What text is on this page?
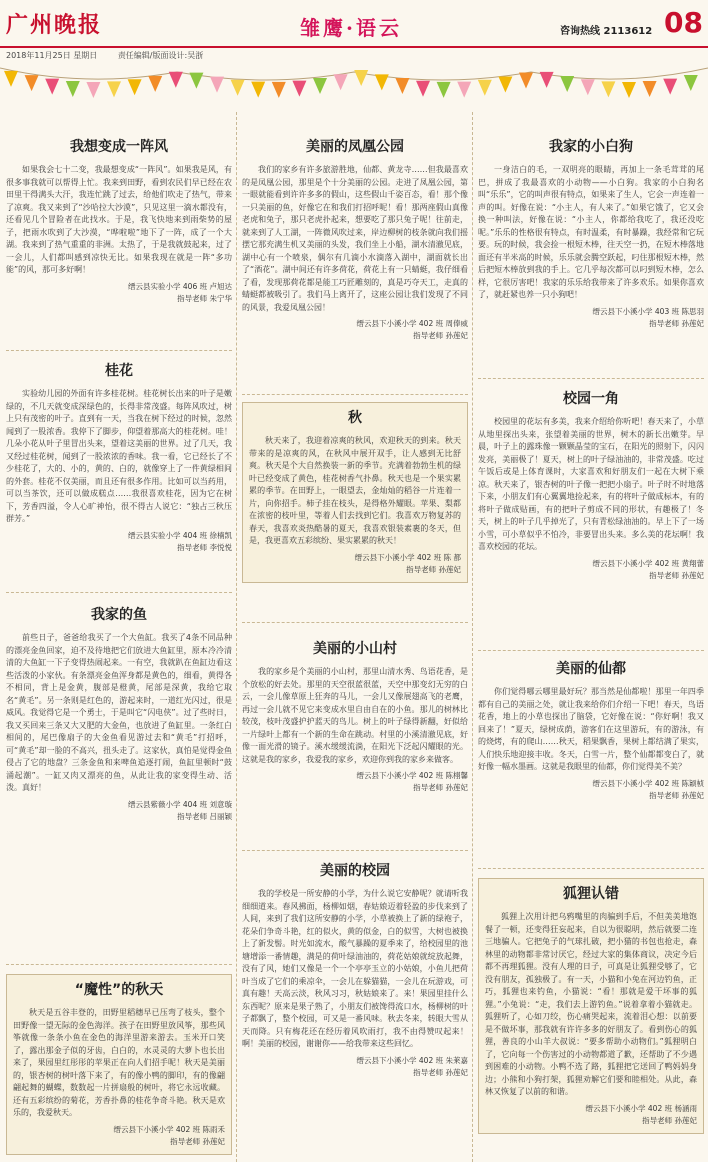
广州晚报	雏鹰·语云	咨询热线 2113612 08
2018年11月25日 星期日	责任编辑/版面设计:吴浙
我想变成一阵风

如果我会七十二变，我最想变成“一阵风”。如果我是风，有很多事我就可以帮得上忙。我来到田野，看到农民们早已经在农田里干得满头大汗，我连忙跳了过去，给他们吹走了热气，带来了凉爽。我又来到了“沙哈拉大沙漠”，只见这里一滴水都没有，还看见几个冒险者在此找水。于是，我飞快地来到雨柴势的屋子，把雨水吹到了大沙漠，“哗啦啦”地下了一阵，成了一个大湖。我来到了热气重重的非洲。太热了，于是我就鼓起来，过了一会儿，人们都叫感到凉快无比。如果我现在就是一阵“多功能”的风，那可多好啊！

缙云县实验小学 406 班 卢旭达
指导老师 朱宁华
桂花

实验幼儿园的外面有许多桂花树。桂花树长出来的叶子是嫩绿的，不几天就变成深绿色的，长得非常茂盛。每阵风吹过，树上只有茂密的叶子。直到有一天，当我在树下经过的时候，忽然闻到了一股浓香。我停下了脚步，仰望着那高大的桂花树。哇！几朵小花从叶子里冒出头来，望着这美丽的世界。过了几天，我又经过桂花树，闻到了一股浓浓的香味。我一看，它已经长了不少桂花了，大的、小的，黄的、白的，就像穿上了一件黄绿相间的外套。桂花不仅美丽，而且还有很多作用。比如可以当药用，可以当茶饮，还可以做成糕点……我很喜欢桂花，因为它在树下，芳香四溢，令人心旷神怡，很不得古人说它：“独占三秋压群芳。”

缙云县实验小学 404 班 徐楠凯
指导老师 李悦悦
我家的鱼

前些日子，爸爸给我买了一个大鱼缸。我买了4条不同品种的漂亮金鱼回家，迫不及待地把它们放进大鱼缸里，原本冷冷清清的大鱼缸一下子变得热闹起来。一有空，我就趴在鱼缸边看这些活泼的小家伙。有条漂亮金鱼浑身都是黄色的，细看，黄得各不相同，背上是金黄，腹部是橙黄，尾部是深黄，我给它取名“黄毛”。另一条则是红色的，游起来时，一道红光闪过，很是威风。我觉得它是一个勇士，于是叫它“闪电侠”。过了些时日，我又买回来三条又大又肥的大金鱼，也放进了鱼缸里。一条红白相间的，尾巴像扇子的大金鱼看见游过去和“黄毛”打招呼，可“黄毛”却一脸的不高兴，扭头走了。这家伙，真怕是觉得金鱼侵占了它的地盘？三条金鱼和来啤鱼追逐打闹，鱼缸里顿时“鼓涌起潮”。一缸又肉又漂亮的鱼，从此让我的家变得生动、活泼。真好！

缙云县紫薇小学 404 班 刘意璇
指导老师 吕丽颖
“魔性”的秋天

秋天是五谷丰登的，田野里稻穗早已压弯了枝头，整个田野像一望无际的金色海洋。孩子在田野里放风筝，那些风筝就像一条条小鱼在金色的海洋里游来游去。玉米开口笑了，露出那金子似的牙齿，白白的，水灵灵的大萝卜也长出来了，果园里红彤彤的苹果正在向人们招手呢！秋天是美丽的，银杏树的树叶落下来了，有的像小鸭的脚印，有的像翩翩起舞的蝴蝶，数数起一片拼扇般的树叶，将它永远收藏。还有五彩缤纷的菊花，芳香扑鼻的桂花争奇斗艳。秋天是欢乐的，我爱秋天。

缙云县下小溪小学 402 班 陈雨禾
指导老师 孙莲妃
美丽的凤凰公园

我们的家乡有许多旅游胜地，仙都、黄龙寺……但我最喜欢的是凤凰公园，那里是个十分美丽的公园。走进了凤凰公园，第一眼就能看到许许多多的假山，这些假山千姿百态，看！那个像一只美丽的鱼，好像它在和我们打招呼呢！看！那两座假山真像老虎和兔子，那只老虎扑起来，想要吃了那只兔子呢！往前走，就来到了人工湖，一阵微风吹过来，岸边柳树的枝条就向我们摇摆它那充满生机又美丽的头发，我们坐上小船，湖水清澈见底，湖中心有一个喷泉，偶尔有几滴小水滴落入湖中，湖面就长出了“酒花”。湖中间还有许多荷花，荷花上有一只蜻蜓，我仔细看了看，发现那荷花都是能工巧匠雕刻的，真是巧夺天工，走真的蜻蜓都被吸引了。我们马上离开了，这座公园让我们发现了不同的风景，我爱凤凰公园！

缙云县下小溪小学 402 班 周俸威
指导老师 孙莲妃
秋

秋天来了，我迎着凉爽的秋风，欢迎秋天的到来。秋天带来的是凉爽的风，在秋风中展开双手，让人感到无比舒爽。秋天是个大自然换装一新的季节。充满着勃勃生机的绿叶已经变成了黄色，桂花树香气扑鼻。秋天也是一个果实累累的季节。在田野上，一眼望去，金灿灿的稻谷一片连着一片，向你招手。柿子挂在枝头，是得格外耀眼。苹果、梨都在浓密的枝叶里，等着人们去找到它们。我喜欢万物复苏的春天，我喜欢炎热酷暑的夏天，我喜欢银装素裹的冬天，但是，我更喜欢五彩缤纷、果实累累的秋天！

缙云县下小溪小学 402 班 陈 都
指导老师 孙莲妃
美丽的小山村

我的家乡是个美丽的小山村，那里山清水秀、鸟语花香，是个放松的好去处。那里的天空很蓝很蓝，天空中那变幻无穷的白云，一会儿像草原上狂奔的马儿，一会儿又像展翅高飞的老鹰，再过一会儿就不见它来变成水里自由自在的小鱼。那儿的树林比较茂，枝叶茂盛护护蓝天的鸟儿。树上的叶子绿得新翻，好似给一片绿叶上都有一个新的生命在跳动。村里的小溪清澈见底，好像一面光滑的镜子。溪水缓缓流淌，在阳光下泛起闪耀眼的光。这就是我的家乡，我爱我的家乡，欢迎你到我的家乡来做客。

缙云县下小溪小学 402 班 陈栩馨
指导老师 孙莲妃
美丽的校园

我的学校是一所安静的小学，为什么说它安静呢？就请听我细细道来。春风拂面，杨柳如烟，春姑娘迈着轻盈的步伐来到了人间，来到了我们这所安静的小学，小草被换上了新的绿袍子，花朵们争奇斗艳，红的似火，黄的似金，白的似雪，大树也被换上了新发髻。时光如流水，酸气暴躁的夏季来了，给校园里的池塘增添一番情趣，满是的荷叶绿油油的，荷花姑娘就绽放起舞，没有了风，她们又像是一个一个亭亭玉立的小姑娘，小鱼儿把荷叶当成了它们的乘凉伞，一会儿在躲猫猫，一会儿在玩游戏，可真有趣！天高云淡，秋风习习，秋姑娘来了。来！果园里挂什么东西呢？原来是果子熟了，小朋友们被馋得流口水，杨柳树的叶子都飘了，整个校园，可又是一番风味。秋去冬来，转眼大雪从天而降。只有梅花还在经历着风吹雨打，我不由得赞叹起来！啊！美丽的校园，谢谢你——给我带来这些回忆。

缙云县下小溪小学 402 班 朱莱嘉
指导老师 孙莲妃
我家的小白狗

一身洁白的毛，一双明亮的眼睛，再加上一条毛茸茸的尾巴，拼成了我最喜欢的小动物——小白狗。我家的小白狗名叫“乐乐”，它的叫声很有特点，如果来了生人，它会一声连着一声的叫。好像在说：“小主人，有人来了。”如果它饿了，它又会换一种叫法，好像在说：“小主人，你都给我吃了，我还没吃呢。”乐乐的性格很有特点，有时温柔，有时暴躁，我经常和它玩要。玩的时候，我会捡一根短木棒，往天空一扔，在短木棒落地面还有半米高的时候，乐乐就会腾空跃起，叼住那根短木棒，然后把短木棒放到我的手上。它几乎每次都可以叼到短木棒，怎么样，它很厉害吧！我家的乐乐给我带来了许多欢乐。如果你喜欢了，就赶紧也养一只小狗吧！

缙云县下小溪小学 403 班 陈思羽
指导老师 孙莲妃
校园一角

校园里的花坛有多美，我来介绍给你听吧！春天来了，小草从地里探出头来，张望着美丽的世界，树木的新长出嫩芽。早晨，叶子上的露珠像一颗颗晶莹的宝石，在阳光的照射下，闪闪发亮，美丽极了！夏天，树上的叶子绿油油的，非常茂盛。吃过午饭后或是上体育课时，大家喜欢和好朋友们一起在大树下乘凉。秋天来了，银杏树的叶子像一把把小扇子。叶子时不时地落下来，小朋友们有心翼翼地捡起来，有的将叶子做成标本，有的将叶子做成贴画，有的把叶子剪成不同的形状，有趣极了！冬天，树上的叶子几乎掉光了，只有青松绿油油的。早上下了一场小雪，可小草似乎不怕冷，非要冒出头来。多么美的花坛啊！我喜欢校园的花坛。

缙云县下小溪小学 402 班 黄翔蕾
指导老师 孙莲妃
美丽的仙都

你们觉得哪云哪里最好玩？那当然是仙都啦！那里一年四季都有自己的美丽之处，就让我来给你们介绍一下吧！春天，鸟语花香，地上的小草也探出了脑袋，它好像在说：“你好啊！我又回来了！”夏天，绿树成荫，游客们在这里游玩，有的游泳，有的烧烤，有的爬山……秋天，稻果飘香，果树上都结满了果实，人们快乐地迎接丰收。冬天，白雪一片，整个仙都都变白了，就好像一幅水墨画。这就是我眼里的仙都，你们觉得美不美？

缙云县下小溪小学 402 班 陈颖桢
指导老师 孙莲妃
狐狸认错

狐狸上次用计把乌鸦嘴里的肉骗到手后，不但美美地饱餐了一顿，还变得狂妄起来，自以为很聪明，然后就要二连三地骗人。它把兔子的气球扎破，把小猫的书包也抢走，森林里的动物都非常讨厌它，经过大家的集体商议，决定今后都不再理狐狸。没有人理的日子，可真是让狐狸受够了，它没有朋友，孤独极了。有一天，小猫和小兔在河边钓鱼，正巧，狐狸也来钓鱼，小猫说：“看！那就是爱干坏事的狐狸。”小兔说：“走，我们去上游钓鱼。”说着拿着小猫就走。狐狸听了，心如刀绞，伤心痛哭起来，流着泪心想：以前要是不做坏事，那我就有许许多多的好朋友了。看到伤心的狐狸，善良的小山羊大叔说：“要多帮助小动物们。”狐狸明白了，它向每一个伤害过的小动物都道了歉，还帮助了不少遇到困难的小动物。小鸭不选了路，狐狸把它送回了鸭妈妈身边；小熊和小狗打架，狐狸劝解它们要和睦相处。从此，森林又恢复了以前的和谐。

缙云县下小溪小学 402 班 杨涵雨
指导老师 孙莲妃
